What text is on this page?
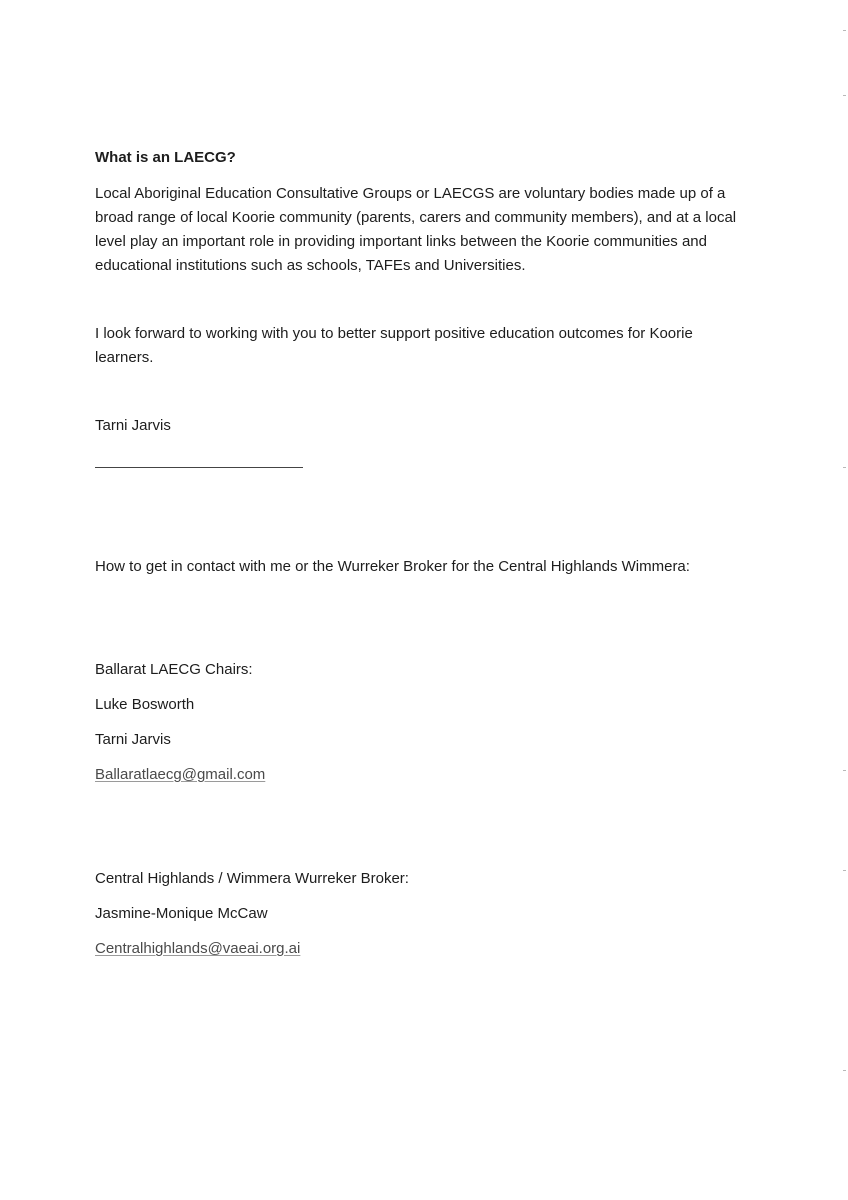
What is an LAECG?

Local Aboriginal Education Consultative Groups or LAECGS are voluntary bodies made up of a broad range of local Koorie community (parents, carers and community members), and at a local level play an important role in providing important links between the Koorie communities and educational institutions such as schools, TAFEs and Universities.

I look forward to working with you to better support positive education outcomes for Koorie learners.

Tarni Jarvis

How to get in contact with me or the Wurreker Broker for the Central Highlands Wimmera:

Ballarat LAECG Chairs:

Luke Bosworth

Tarni Jarvis

Ballaratlaecg@gmail.com

Central Highlands / Wimmera Wurreker Broker:

Jasmine-Monique McCaw

Centralhighlands@vaeai.org.ai
